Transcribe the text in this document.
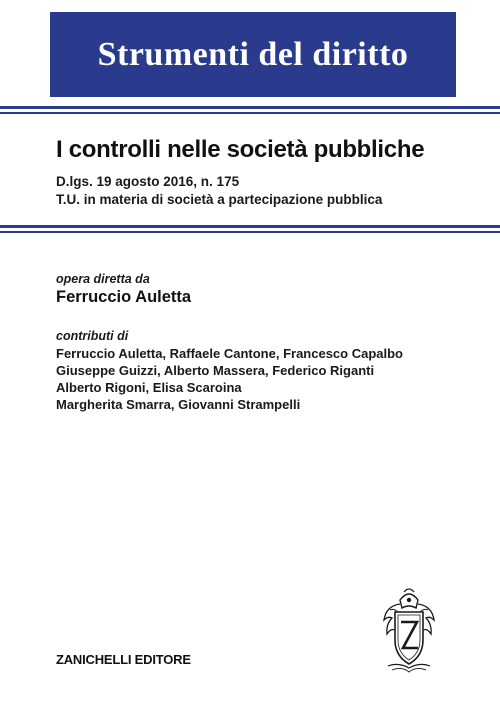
Strumenti del diritto
I controlli nelle società pubbliche
D.lgs. 19 agosto 2016, n. 175
T.U. in materia di società a partecipazione pubblica
opera diretta da
Ferruccio Auletta
contributi di
Ferruccio Auletta, Raffaele Cantone, Francesco Capalbo
Giuseppe Guizzi, Alberto Massera, Federico Riganti
Alberto Rigoni, Elisa Scaroina
Margherita Smarra, Giovanni Strampelli
ZANICHELLI EDITORE
